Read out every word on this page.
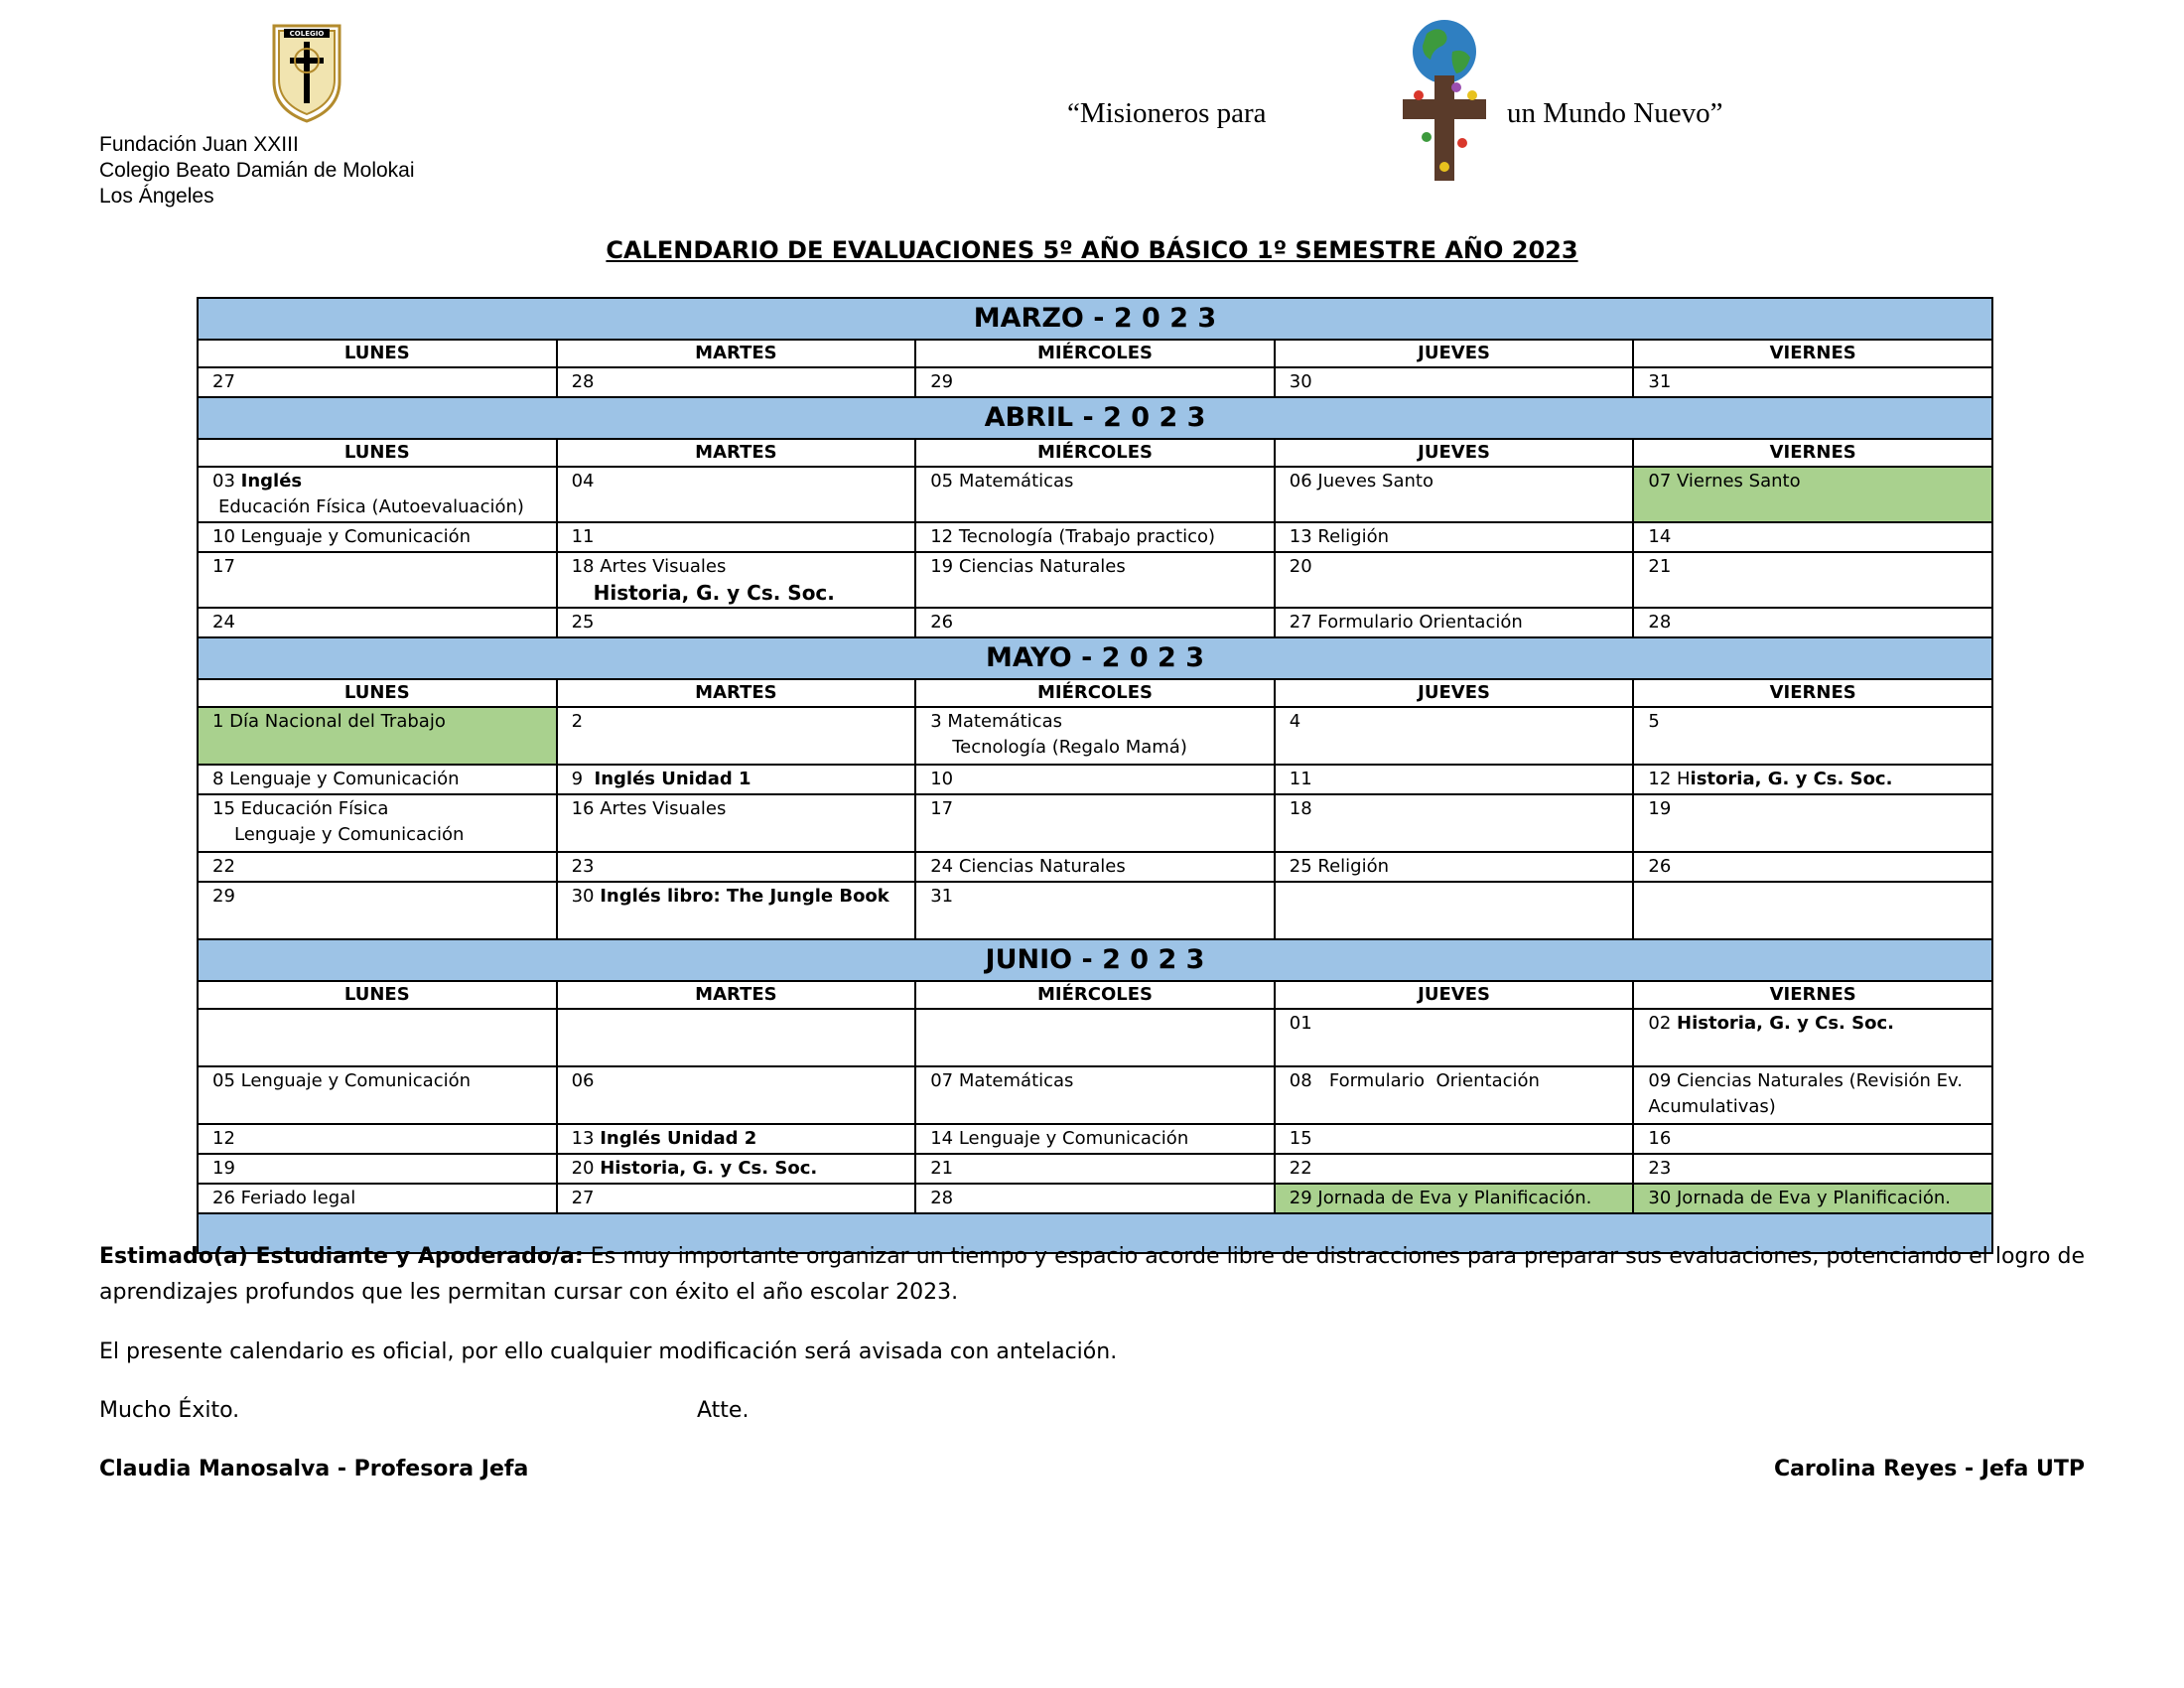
COLEGIO
Fundación Juan XXIII
Colegio Beato Damián de Molokai
Los Ángeles
“Misioneros para	un Mundo Nuevo”
CALENDARIO DE EVALUACIONES 5º AÑO BÁSICO 1º SEMESTRE AÑO 2023
MARZO - 2 0 2 3				
LUNES	MARTES	MIÉRCOLES	JUEVES	VIERNES
27	28	29	30	31
ABRIL - 2 0 2 3				
LUNES	MARTES	MIÉRCOLES	JUEVES	VIERNES

03 Inglés
Educación Física (Autoevaluación)	04	05 Matemáticas	06 Jueves Santo	07 Viernes Santo
10 Lenguaje y Comunicación	11	12 Tecnología (Trabajo practico)	13 Religión	14
17	18 Artes Visuales
Historia, G. y Cs. Soc.	19 Ciencias Naturales	20	21
24	25	26	27 Formulario Orientación	28
MAYO - 2 0 2 3				
LUNES	MARTES	MIÉRCOLES	JUEVES	VIERNES
1 Día Nacional del Trabajo	2	3 Matemáticas
Tecnología (Regalo Mamá)	4	5
8 Lenguaje y Comunicación	9  Inglés Unidad 1	10	11	12 Historia, G. y Cs. Soc.

15 Educación Física
Lenguaje y Comunicación	16 Artes Visuales	17	18	19
22	23	24 Ciencias Naturales	25 Religión	26
29	30 Inglés libro: The Jungle Book	31		
JUNIO - 2 0 2 3				
LUNES	MARTES	MIÉRCOLES	JUEVES	VIERNES
			01	02 Historia, G. y Cs. Soc.
05 Lenguaje y Comunicación	06	07 Matemáticas	08   Formulario  Orientación	09 Ciencias Naturales (Revisión Ev. Acumulativas)
12	13 Inglés Unidad 2	14 Lenguaje y Comunicación	15	16
19	20 Historia, G. y Cs. Soc.	21	22	23
26 Feriado legal	27	28	29 Jornada de Eva y Planificación.	30 Jornada de Eva y Planificación.

Estimado(a) Estudiante y Apoderado/a: Es muy importante organizar un tiempo y espacio acorde libre de distracciones para preparar sus evaluaciones, potenciando el logro de aprendizajes profundos que les permitan cursar con éxito el año escolar 2023.
El presente calendario es oficial, por ello cualquier modificación será avisada con antelación.
Mucho Éxito.	Atte.
Claudia Manosalva - Profesora Jefa	Carolina Reyes - Jefa UTP
